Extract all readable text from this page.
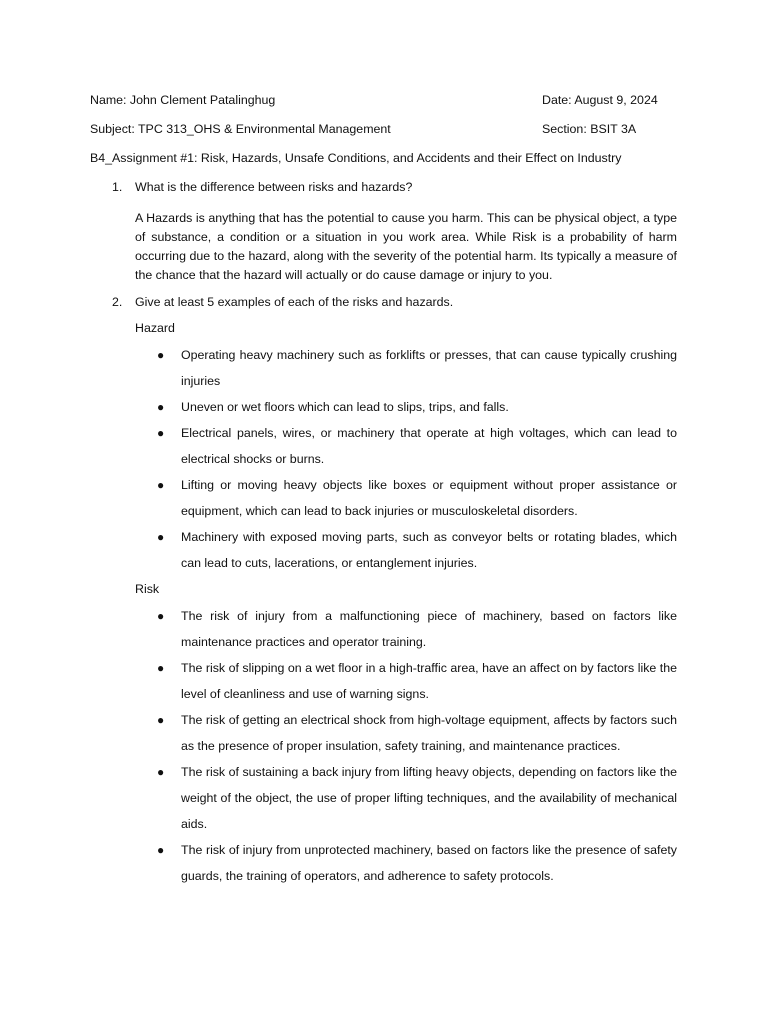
Name: John Clement Patalinghug	Date: August 9, 2024
Subject: TPC 313_OHS & Environmental Management	Section: BSIT 3A
B4_Assignment #1: Risk, Hazards, Unsafe Conditions, and Accidents and their Effect on Industry
1. What is the difference between risks and hazards?
A Hazards is anything that has the potential to cause you harm. This can be physical object, a type of substance, a condition or a situation in you work area. While Risk is a probability of harm occurring due to the hazard, along with the severity of the potential harm. Its typically a measure of the chance that the hazard will actually or do cause damage or injury to you.
2. Give at least 5 examples of each of the risks and hazards.
Hazard
● Operating heavy machinery such as forklifts or presses, that can cause typically crushing injuries
● Uneven or wet floors which can lead to slips, trips, and falls.
● Electrical panels, wires, or machinery that operate at high voltages, which can lead to electrical shocks or burns.
● Lifting or moving heavy objects like boxes or equipment without proper assistance or equipment, which can lead to back injuries or musculoskeletal disorders.
● Machinery with exposed moving parts, such as conveyor belts or rotating blades, which can lead to cuts, lacerations, or entanglement injuries.
Risk
● The risk of injury from a malfunctioning piece of machinery, based on factors like maintenance practices and operator training.
● The risk of slipping on a wet floor in a high-traffic area, have an affect on by factors like the level of cleanliness and use of warning signs.
● The risk of getting an electrical shock from high-voltage equipment, affects by factors such as the presence of proper insulation, safety training, and maintenance practices.
● The risk of sustaining a back injury from lifting heavy objects, depending on factors like the weight of the object, the use of proper lifting techniques, and the availability of mechanical aids.
● The risk of injury from unprotected machinery, based on factors like the presence of safety guards, the training of operators, and adherence to safety protocols.
